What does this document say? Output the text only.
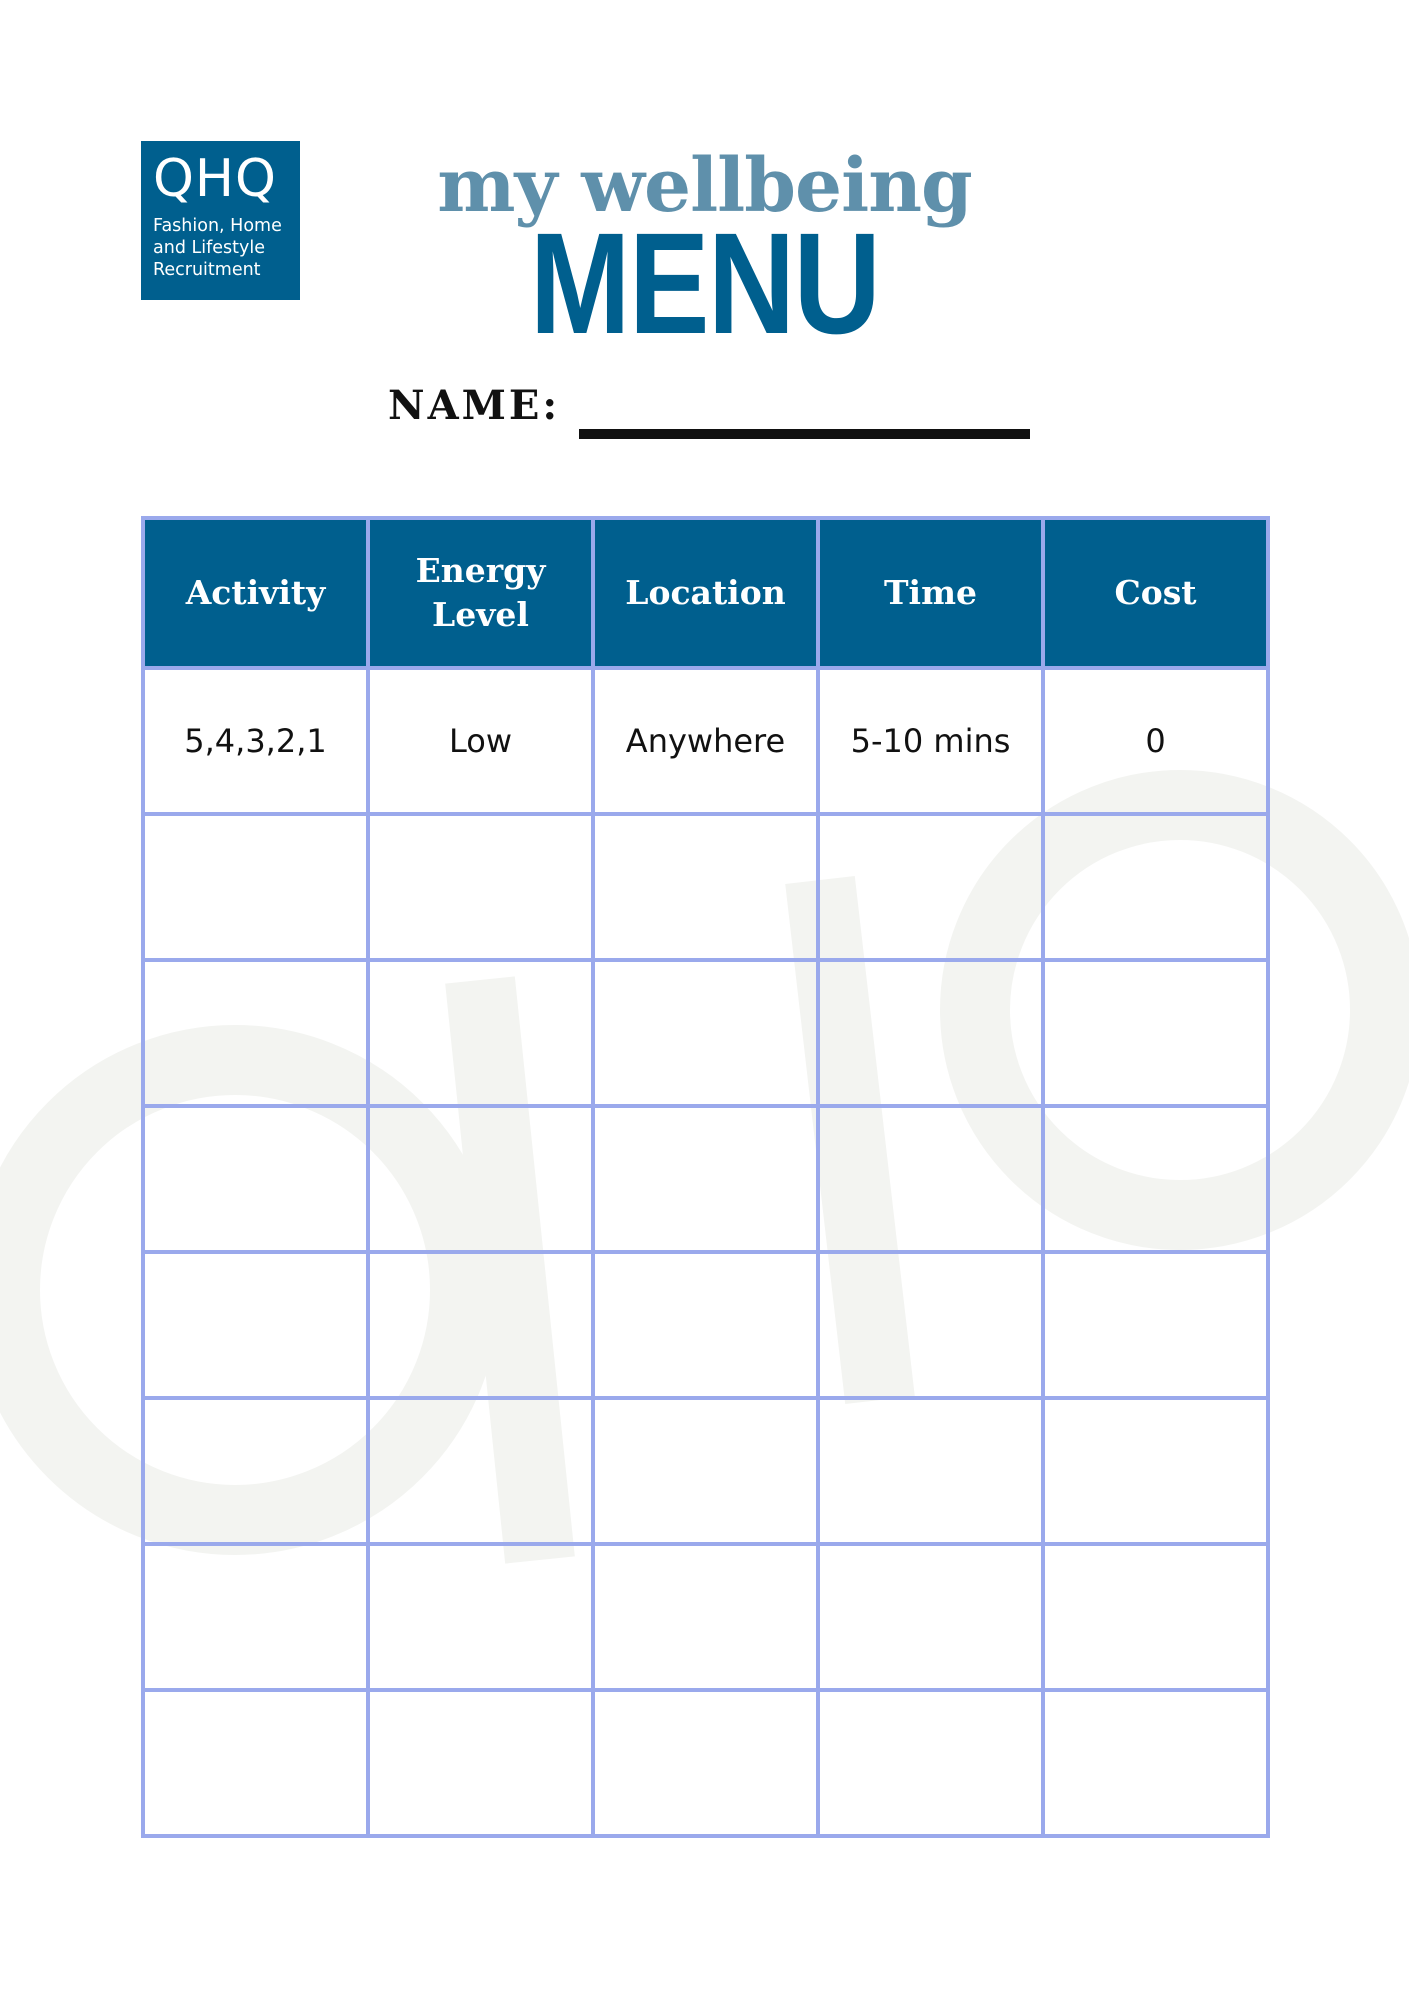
QHQ
Fashion, Home
and Lifestyle
Recruitment
my wellbeing
MENU
NAME:
Activity	Energy Level	Location	Time	Cost
5,4,3,2,1	Low	Anywhere	5-10 mins	0
